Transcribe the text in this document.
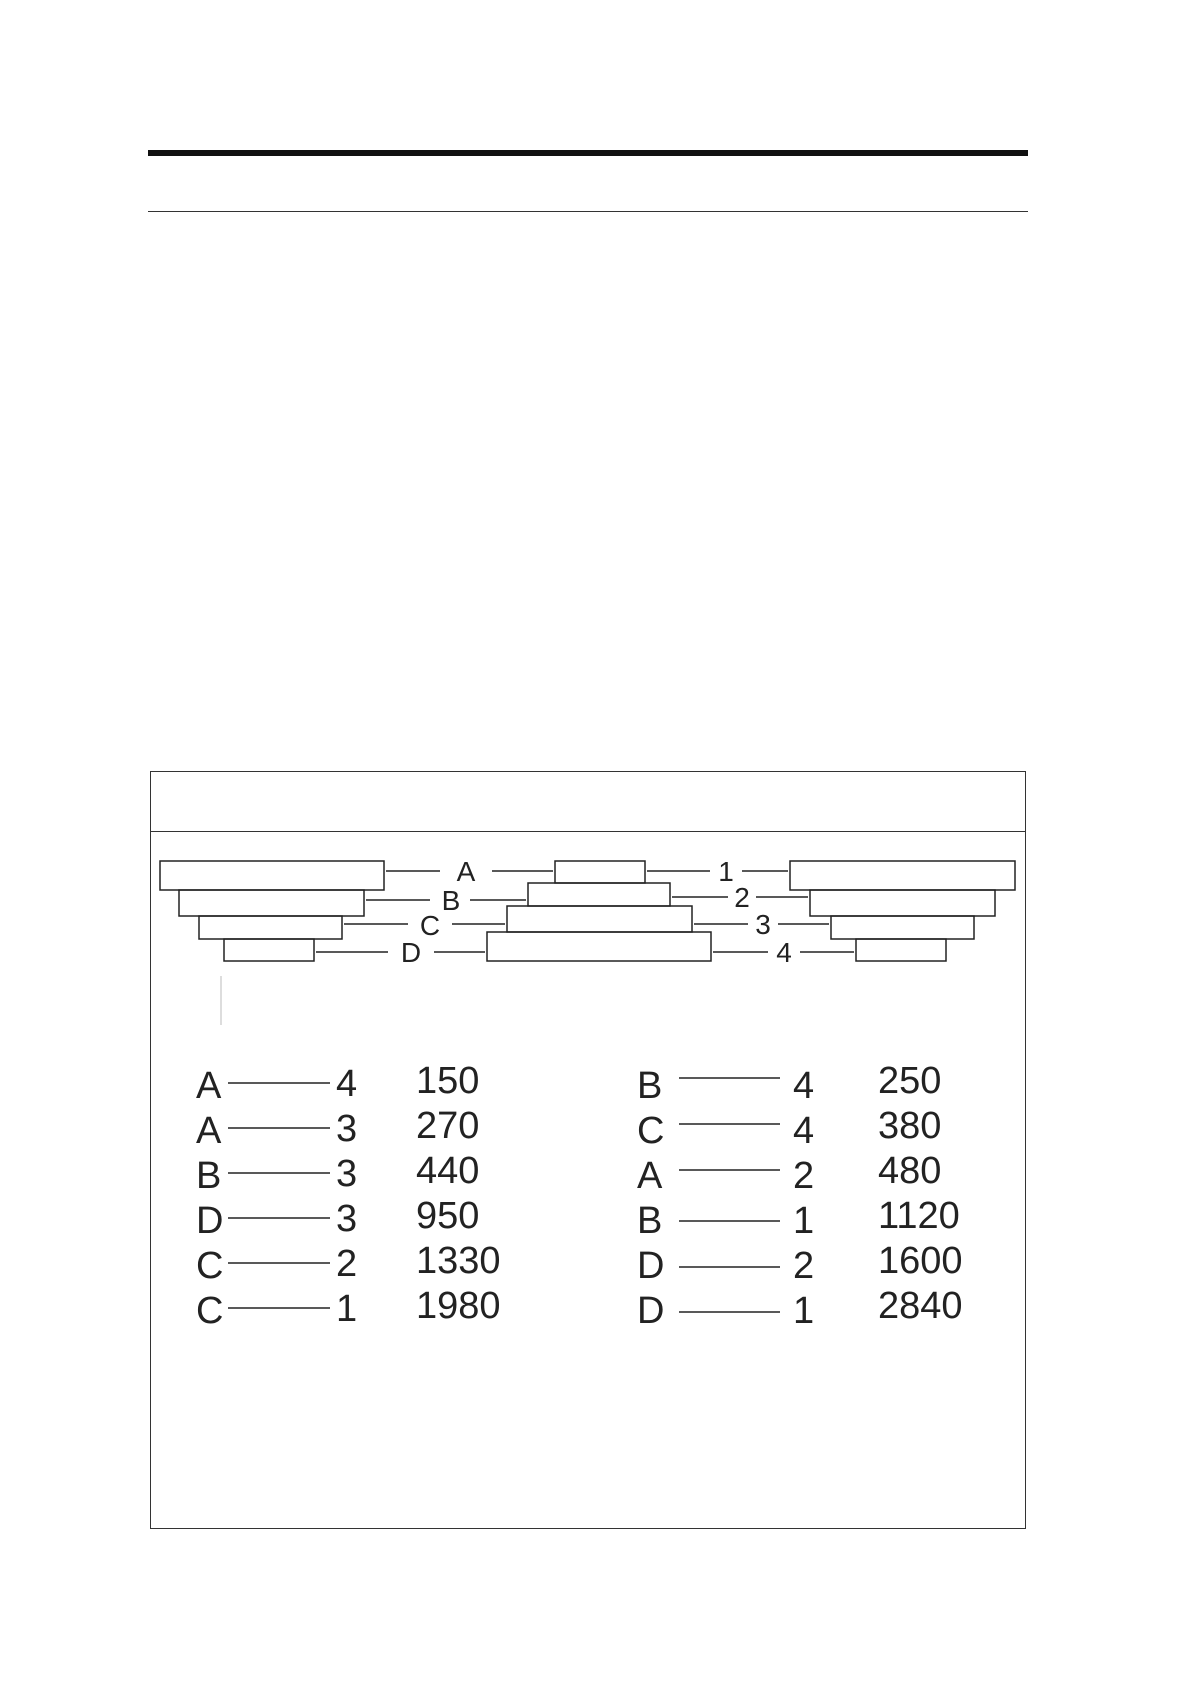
A
B
C
D
1
2
3
4
A
A
B
D
C
C
4
3
3
3
2
1
150
270
440
950
1330
1980
B
C
A
B
D
D
4
4
2
1
2
1
250
380
480
1120
1600
2840
